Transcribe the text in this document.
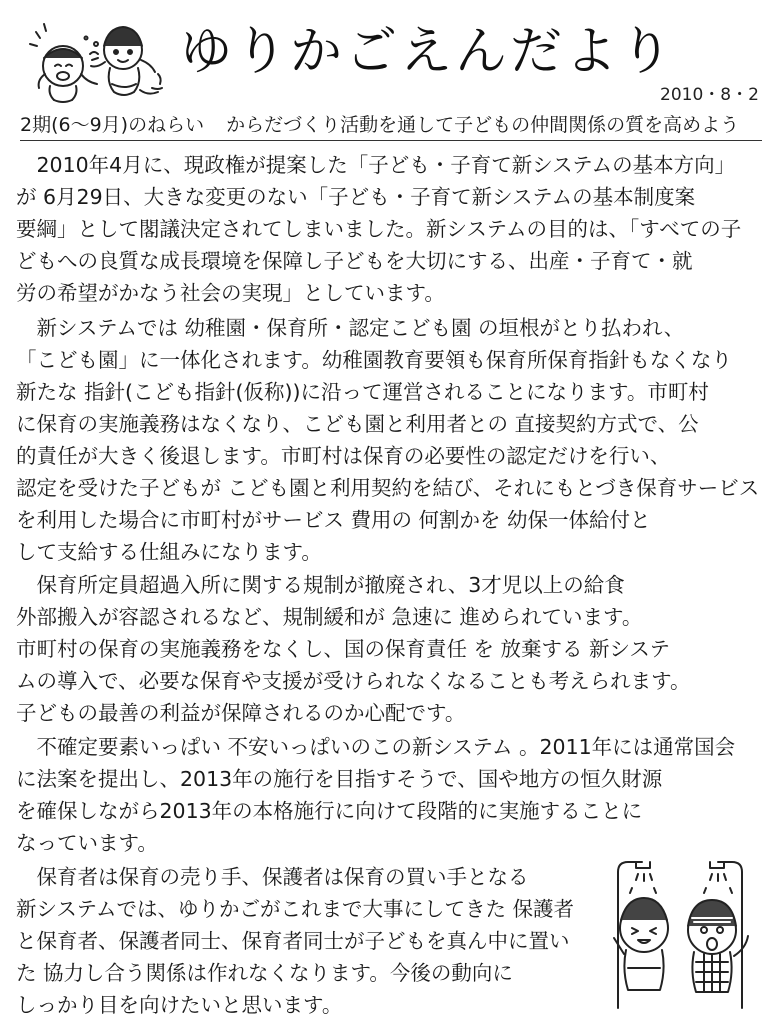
ゆりかごえんだより
2010・8・2
2期(6〜9月)のねらい からだづくり活動を通して子どもの仲間関係の質を高めよう
　2010年4月に、現政権が提案した「子ども・子育て新システムの基本方向」
が 6月29日、大きな変更のない「子ども・子育て新システムの基本制度案
要綱」として閣議決定されてしまいました。新システムの目的は、「すべての子
どもへの良質な成長環境を保障し子どもを大切にする、出産・子育て・就
労の希望がかなう社会の実現」としています。
　新システムでは 幼稚園・保育所・認定こども園 の垣根がとり払われ、
「こども園」に一体化されます。幼稚園教育要領も保育所保育指針もなくなり
新たな 指針(こども指針(仮称))に沿って運営されることになります。市町村
に保育の実施義務はなくなり、こども園と利用者との 直接契約方式で、公
的責任が大きく後退します。市町村は保育の必要性の認定だけを行い、
認定を受けた子どもが こども園と利用契約を結び、それにもとづき保育サービス
を利用した場合に市町村がサービス 費用の 何割かを 幼保一体給付と
して支給する仕組みになります。
　保育所定員超過入所に関する規制が撤廃され、3才児以上の給食
外部搬入が容認されるなど、規制緩和が 急速に 進められています。
市町村の保育の実施義務をなくし、国の保育責任 を 放棄する 新システ
ムの導入で、必要な保育や支援が受けられなくなることも考えられます。
子どもの最善の利益が保障されるのか心配です。
　不確定要素いっぱい 不安いっぱいのこの新システム 。2011年には通常国会
に法案を提出し、2013年の施行を目指すそうで、国や地方の恒久財源
を確保しながら2013年の本格施行に向けて段階的に実施することに
なっています。
　保育者は保育の売り手、保護者は保育の買い手となる
新システムでは、ゆりかごがこれまで大事にしてきた 保護者
と保育者、保護者同士、保育者同士が子どもを真ん中に置い
た 協力し合う関係は作れなくなります。今後の動向に
しっかり目を向けたいと思います。
